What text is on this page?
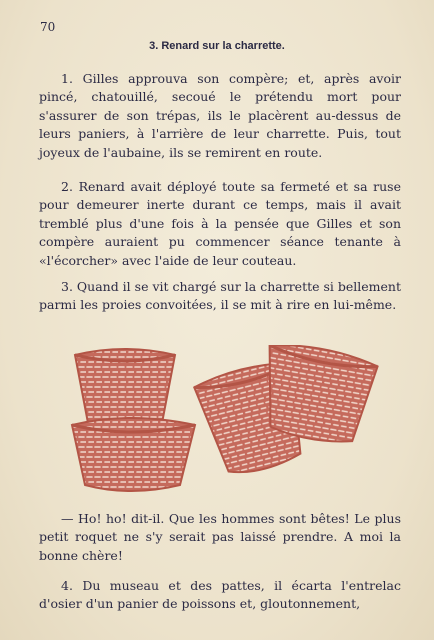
70
3. Renard sur la charrette.

1. Gilles approuva son compère; et, après avoir pincé, chatouillé, secoué le prétendu mort pour s'assurer de son trépas, ils le placèrent au-dessus de leurs paniers, à l'arrière de leur charrette. Puis, tout joyeux de l'aubaine, ils se remirent en route.

2. Renard avait déployé toute sa fermeté et sa ruse pour demeurer inerte durant ce temps, mais il avait tremblé plus d'une fois à la pensée que Gilles et son compère auraient pu commencer séance tenante à «l'écorcher» avec l'aide de leur couteau.

3. Quand il se vit chargé sur la charrette si bellement parmi les proies convoitées, il se mit à rire en lui-même.

— Ho! ho! dit-il. Que les hommes sont bêtes! Le plus petit roquet ne s'y serait pas laissé prendre. A moi la bonne chère!

4. Du museau et des pattes, il écarta l'entrelac d'osier d'un panier de poissons et, gloutonnement,
